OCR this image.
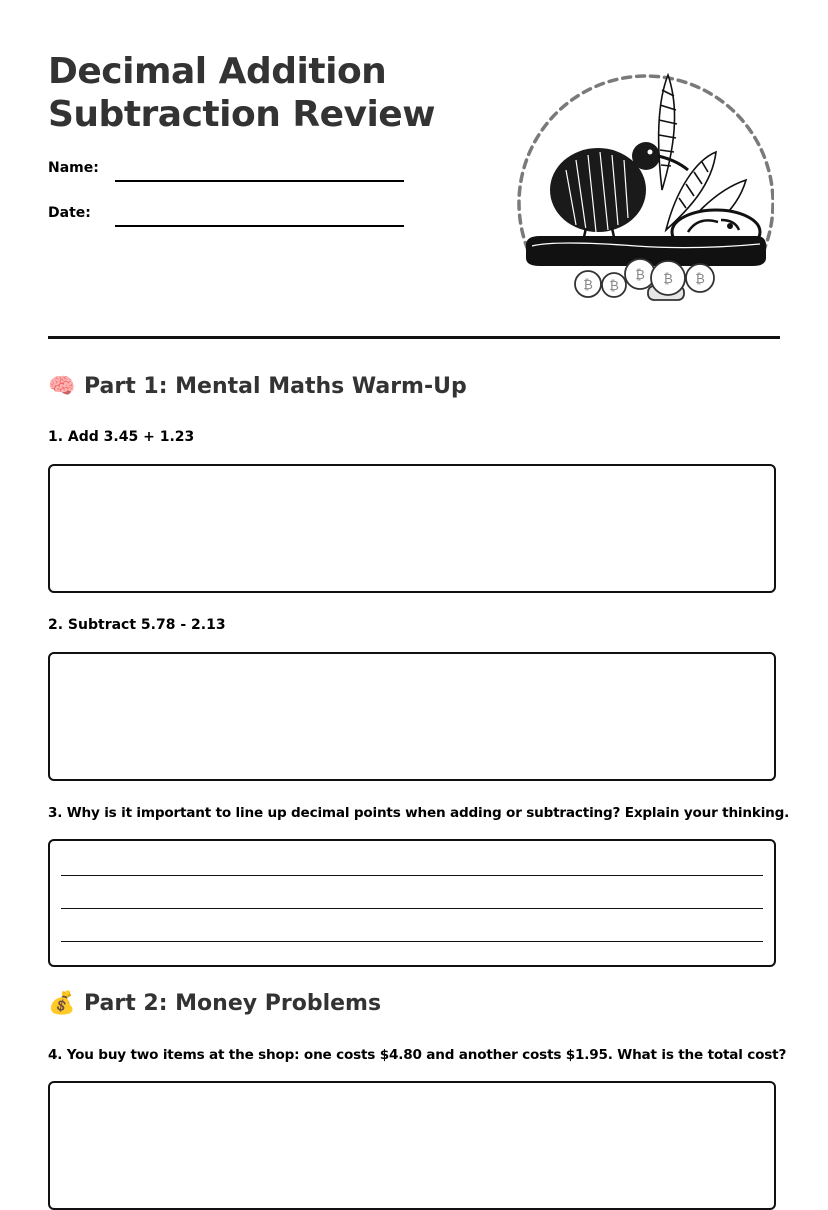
Decimal Addition
Subtraction Review
Name:
Date:
₿ ₿
₿ ₿ ₿
🧠 Part 1: Mental Maths Warm-Up

1. Add 3.45 + 1.23

2. Subtract 5.78 - 2.13

3. Why is it important to line up decimal points when adding or subtracting? Explain your thinking.

💰 Part 2: Money Problems

4. You buy two items at the shop: one costs $4.80 and another costs $1.95. What is the total cost?
